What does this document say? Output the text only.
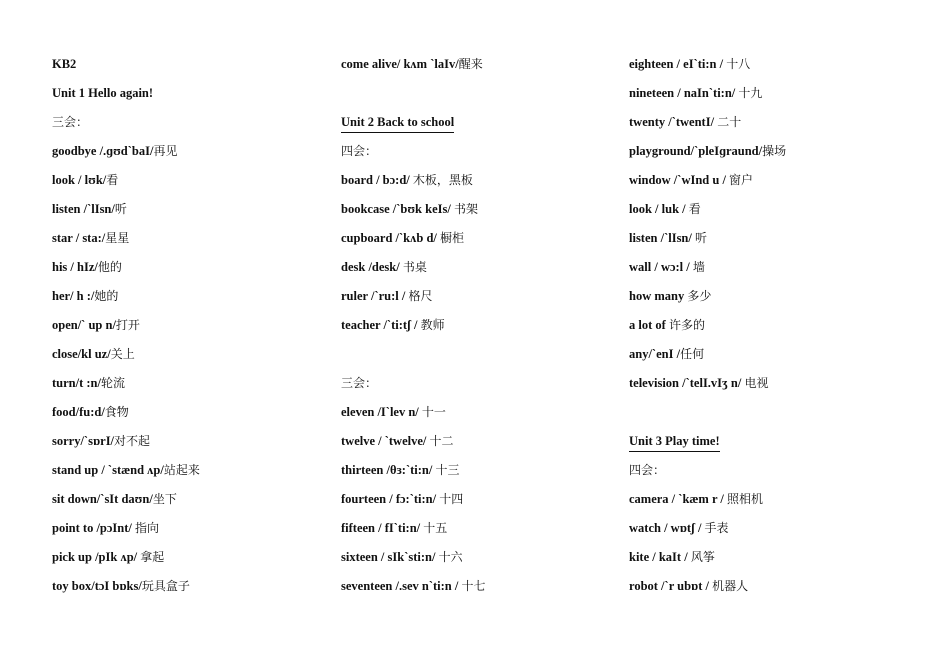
KB2
Unit 1 Hello again!
三会：
goodbye /.ɡʊd`baI/再见
look / lʊk/看
listen /`lIsn/听
star / sta:/星星
his / hIz/他的
her/ h :/她的
open/` up n/打开
close/kl uz/关上
turn/t :n/轮流
food/fu:d/食物
sorry/`sɒrI/对不起
stand up / `stænd ʌp/站起来
sit down/`sIt daʊn/坐下
point to /pɔInt/ 指向
pick up /pIk ʌp/ 拿起
toy box/tɔI bɒks/玩具盒子
come alive/ kʌm `laIv/醒来
Unit 2 Back to school
四会：
board / bɔ:d/ 木板，黑板
bookcase /`bʊk keIs/ 书架
cupboard /`kʌb d/ 橱柜
desk /desk/ 书桌
ruler /`ru:l / 格尺
teacher /`ti:tʃ / 教师
三会：
eleven /I`lev n/ 十一
twelve / `twelve/ 十二
thirteen /θɜ:`ti:n/ 十三
fourteen / fɔ:`ti:n/ 十四
fifteen / fI`ti:n/ 十五
sixteen / sIk`sti:n/ 十六
seventeen /.sev n`ti:n / 十七
eighteen / eI`ti:n / 十八
nineteen / naIn`ti:n/ 十九
twenty /`twentI/ 二十
playground/`pleIɡraund/操场
window /`wInd u / 窗户
look / luk / 看
listen /`lIsn/ 听
wall / wɔ:l / 墙
how many 多少
a lot of 许多的
any/`enI /任何
television /`telI.vIʒ n/ 电视
Unit 3 Play time!
四会：
camera / `kæm r / 照相机
watch / wɒtʃ / 手表
kite / kaIt / 风筝
robot /`r ubɒt / 机器人
